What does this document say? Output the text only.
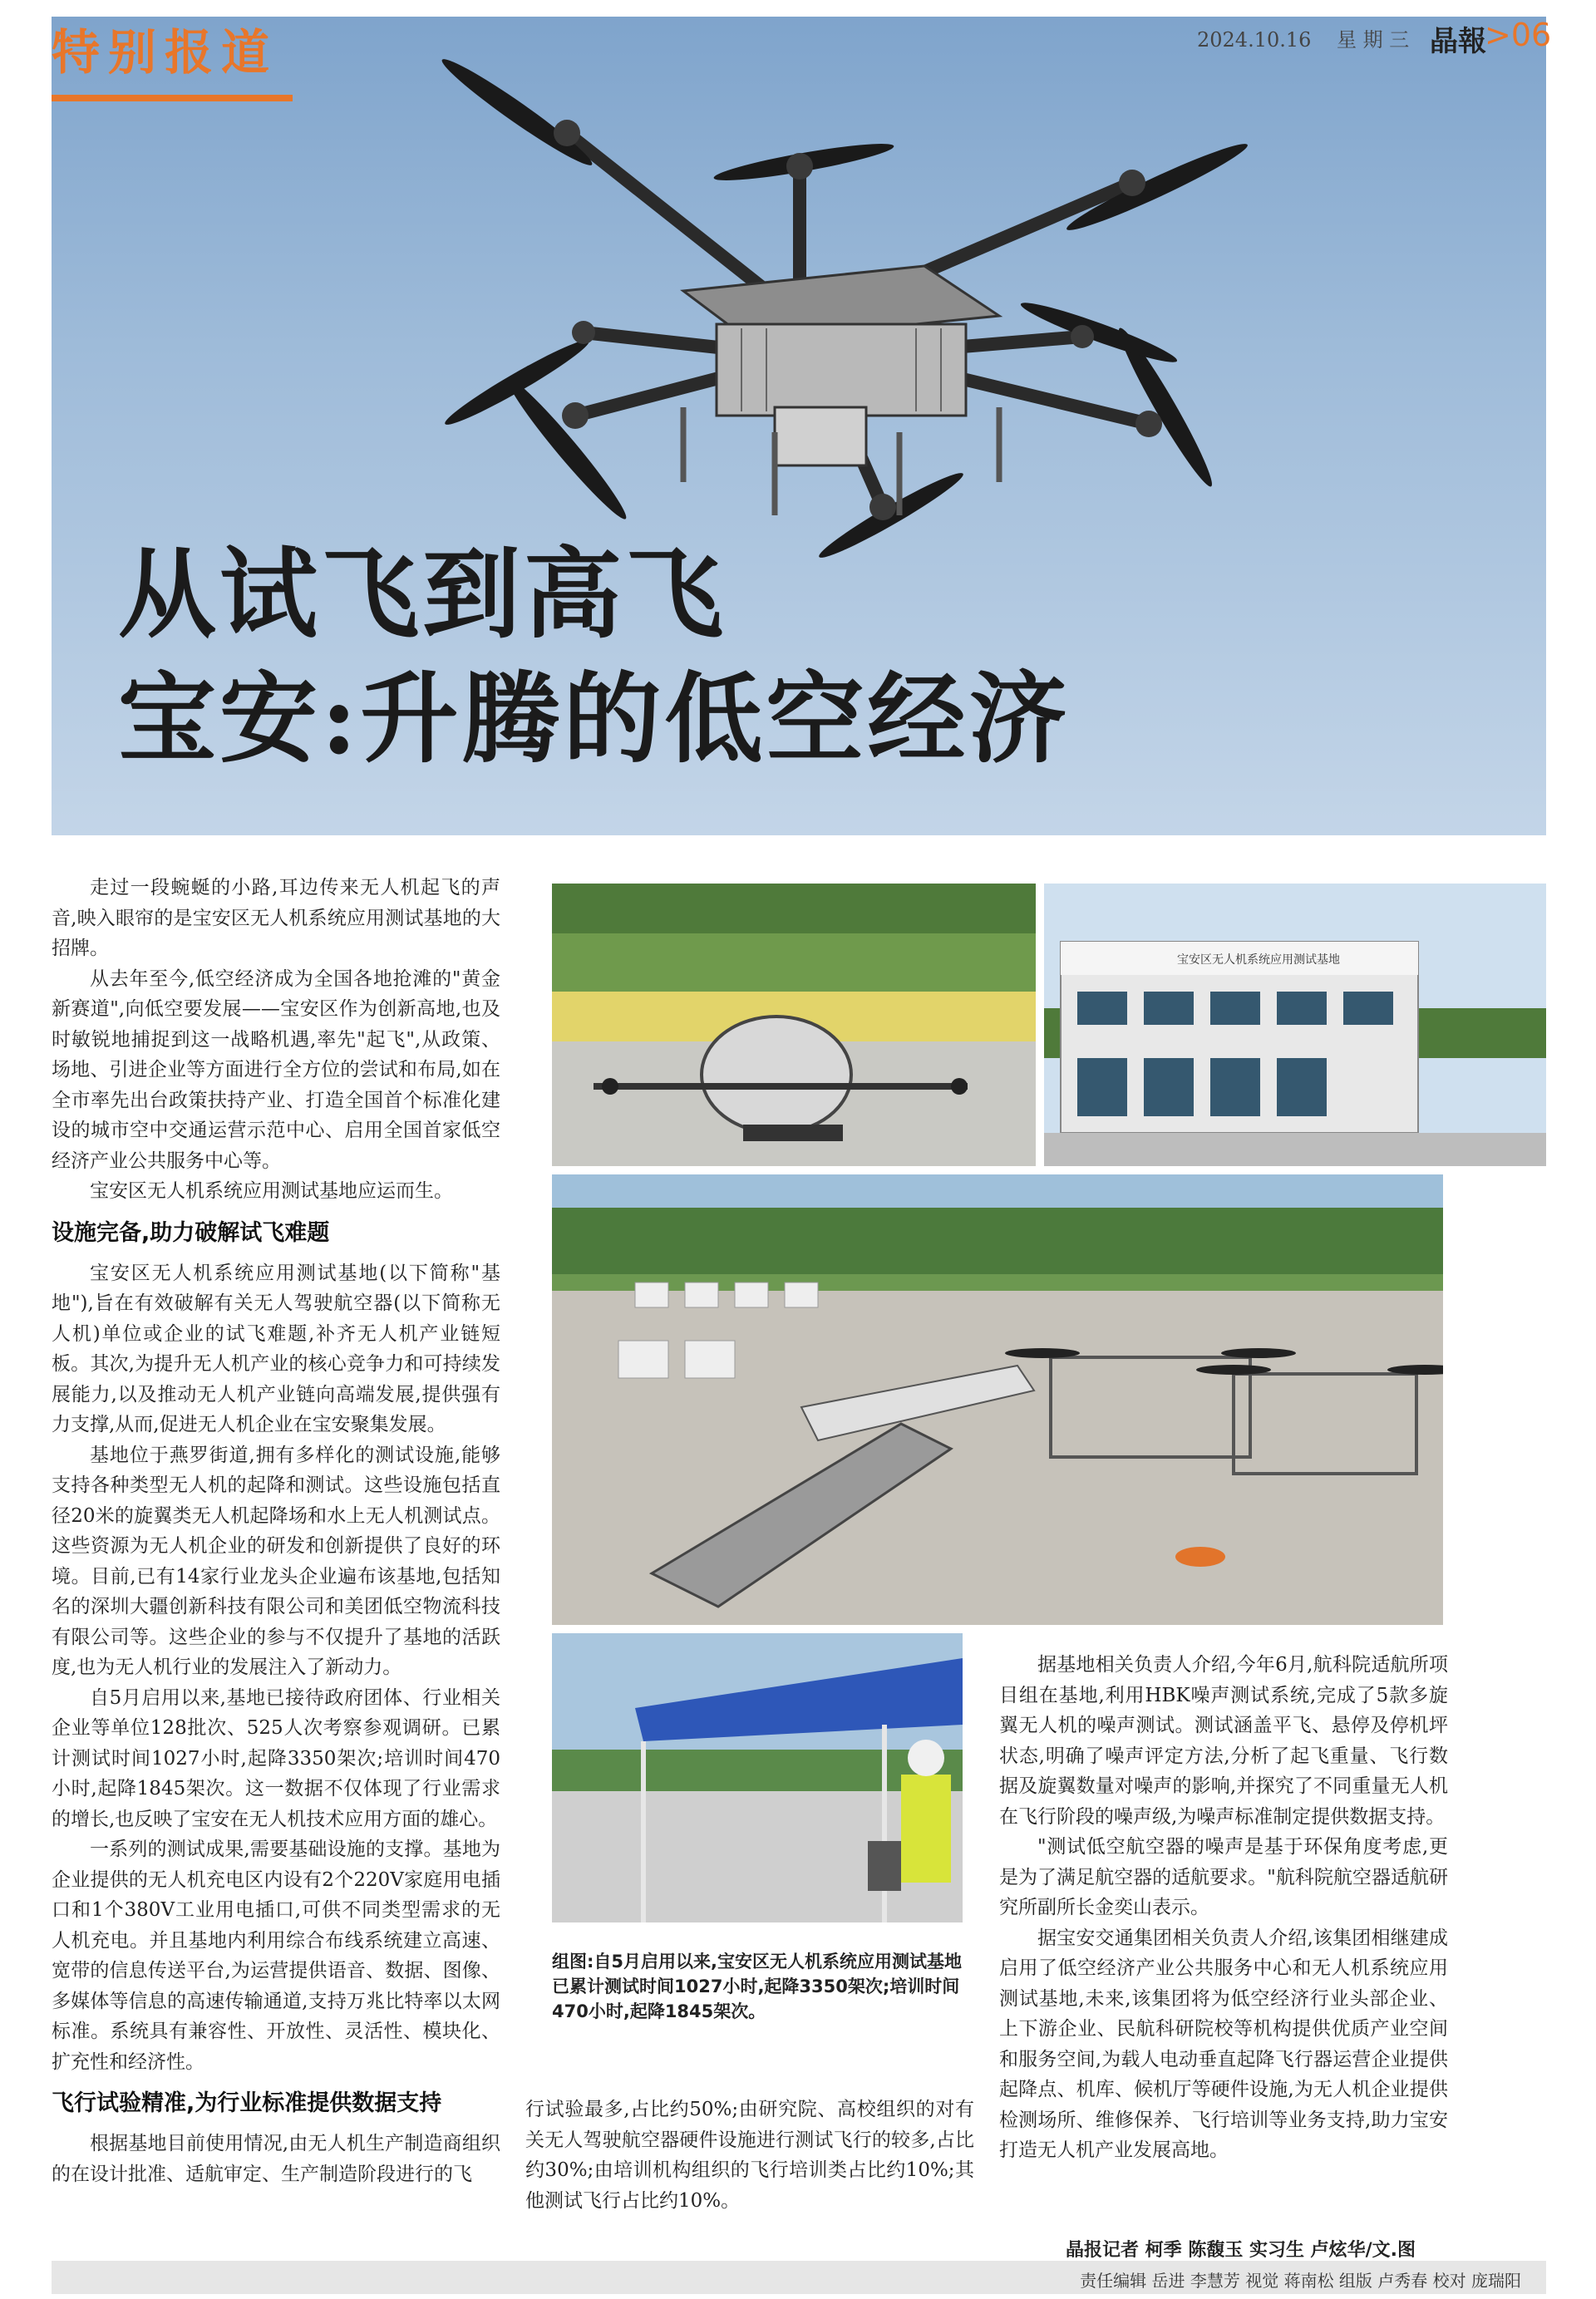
从试飞到高飞
宝安:升腾的低空经济
特别报道	2024.10.16 星 期 三 晶報
>06

走过一段蜿蜒的小路,耳边传来无人机起飞的声音,映入眼帘的是宝安区无人机系统应用测试基地的大招牌。

从去年至今,低空经济成为全国各地抢滩的"黄金新赛道",向低空要发展——宝安区作为创新高地,也及时敏锐地捕捉到这一战略机遇,率先"起飞",从政策、场地、引进企业等方面进行全方位的尝试和布局,如在全市率先出台政策扶持产业、打造全国首个标准化建设的城市空中交通运营示范中心、启用全国首家低空经济产业公共服务中心等。

宝安区无人机系统应用测试基地应运而生。

设施完备,助力破解试飞难题

宝安区无人机系统应用测试基地(以下简称"基地"),旨在有效破解有关无人驾驶航空器(以下简称无人机)单位或企业的试飞难题,补齐无人机产业链短板。其次,为提升无人机产业的核心竞争力和可持续发展能力,以及推动无人机产业链向高端发展,提供强有力支撑,从而,促进无人机企业在宝安聚集发展。

基地位于燕罗街道,拥有多样化的测试设施,能够支持各种类型无人机的起降和测试。这些设施包括直径20米的旋翼类无人机起降场和水上无人机测试点。这些资源为无人机企业的研发和创新提供了良好的环境。目前,已有14家行业龙头企业遍布该基地,包括知名的深圳大疆创新科技有限公司和美团低空物流科技有限公司等。这些企业的参与不仅提升了基地的活跃度,也为无人机行业的发展注入了新动力。

自5月启用以来,基地已接待政府团体、行业相关企业等单位128批次、525人次考察参观调研。已累计测试时间1027小时,起降3350架次;培训时间470小时,起降1845架次。这一数据不仅体现了行业需求的增长,也反映了宝安在无人机技术应用方面的雄心。

一系列的测试成果,需要基础设施的支撑。基地为企业提供的无人机充电区内设有2个220V家庭用电插口和1个380V工业用电插口,可供不同类型需求的无人机充电。并且基地内利用综合布线系统建立高速、宽带的信息传送平台,为运营提供语音、数据、图像、多媒体等信息的高速传输通道,支持万兆比特率以太网标准。系统具有兼容性、开放性、灵活性、模块化、扩充性和经济性。

飞行试验精准,为行业标准提供数据支持

根据基地目前使用情况,由无人机生产制造商组织的在设计批准、适航审定、生产制造阶段进行的飞

宝安区无人机系统应用测试基地
组图:自5月启用以来,宝安区无人机系统应用测试基地已累计测试时间1027小时,起降3350架次;培训时间470小时,起降1845架次。

行试验最多,占比约50%;由研究院、高校组织的对有关无人驾驶航空器硬件设施进行测试飞行的较多,占比约30%;由培训机构组织的飞行培训类占比约10%;其他测试飞行占比约10%。

据基地相关负责人介绍,今年6月,航科院适航所项目组在基地,利用HBK噪声测试系统,完成了5款多旋翼无人机的噪声测试。测试涵盖平飞、悬停及停机坪状态,明确了噪声评定方法,分析了起飞重量、飞行数据及旋翼数量对噪声的影响,并探究了不同重量无人机在飞行阶段的噪声级,为噪声标准制定提供数据支持。

"测试低空航空器的噪声是基于环保角度考虑,更是为了满足航空器的适航要求。"航科院航空器适航研究所副所长金奕山表示。

据宝安交通集团相关负责人介绍,该集团相继建成启用了低空经济产业公共服务中心和无人机系统应用测试基地,未来,该集团将为低空经济行业头部企业、上下游企业、民航科研院校等机构提供优质产业空间和服务空间,为载人电动垂直起降飞行器运营企业提供起降点、机库、候机厅等硬件设施,为无人机企业提供检测场所、维修保养、飞行培训等业务支持,助力宝安打造无人机产业发展高地。

责任编辑 岳进 李慧芳 视觉 蒋南松 组版 卢秀春 校对 庞瑞阳
晶报记者 柯季 陈馥玉 实习生 卢炫华/文.图
